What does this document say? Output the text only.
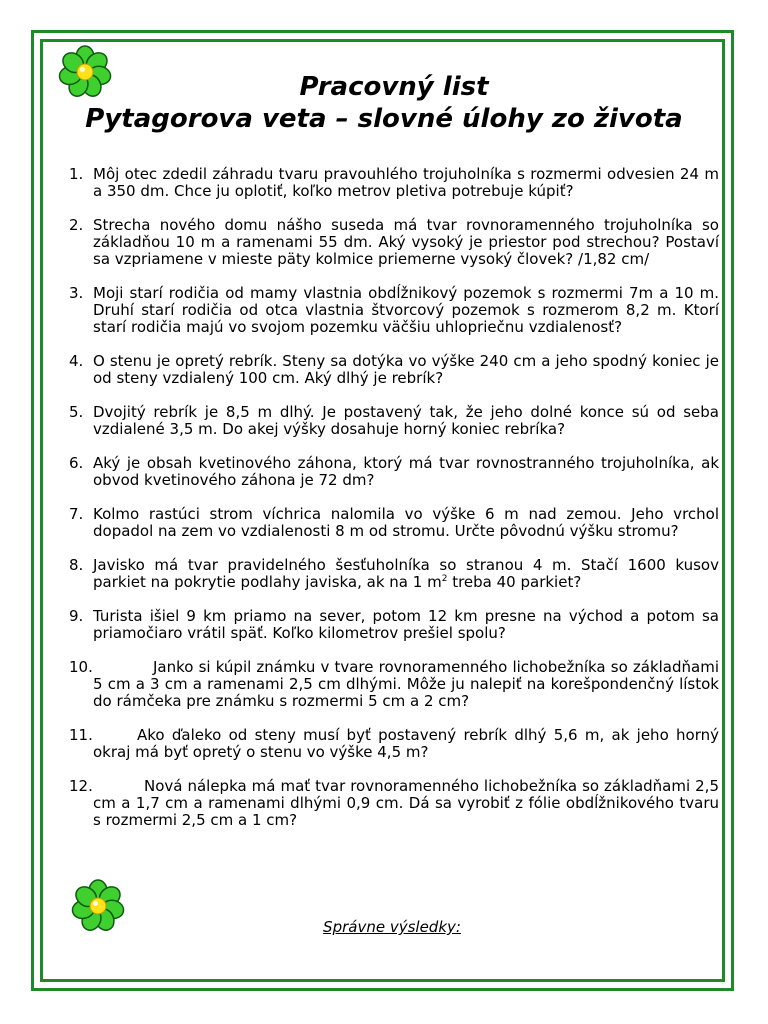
Pracovný list
Pytagorova veta – slovné úlohy zo života
1. Môj otec zdedil záhradu tvaru pravouhlého trojuholníka s rozmermi odvesien 24 m a 350 dm. Chce ju oplotiť, koľko metrov pletiva potrebuje kúpiť?
2. Strecha nového domu nášho suseda má tvar rovnoramenného trojuholníka so základňou 10 m a ramenami 55 dm. Aký vysoký je priestor pod strechou? Postaví sa vzpriamene v mieste päty kolmice priemerne vysoký človek? /1,82 cm/
3. Moji starí rodičia od mamy vlastnia obdĺžnikový pozemok s rozmermi 7m a 10 m. Druhí starí rodičia od otca vlastnia štvorcový pozemok s rozmerom 8,2 m. Ktorí starí rodičia majú vo svojom pozemku väčšiu uhlopriečnu vzdialenosť?
4. O stenu je opretý rebrík. Steny sa dotýka vo výške 240 cm a jeho spodný koniec je od steny vzdialený 100 cm. Aký dlhý je rebrík?
5. Dvojitý rebrík je 8,5 m dlhý. Je postavený tak, že jeho dolné konce sú od seba vzdialené 3,5 m. Do akej výšky dosahuje horný koniec rebríka?
6. Aký je obsah kvetinového záhona, ktorý má tvar rovnostranného trojuholníka, ak obvod kvetinového záhona je 72 dm?
7. Kolmo rastúci strom víchrica nalomila vo výške 6 m nad zemou. Jeho vrchol dopadol na zem vo vzdialenosti 8 m od stromu. Určte pôvodnú výšku stromu?
8. Javisko má tvar pravidelného šesťuholníka so stranou 4 m. Stačí 1600 kusov parkiet na pokrytie podlahy javiska, ak na 1 $m^2$ treba 40 parkiet?
9. Turista išiel 9 km priamo na sever, potom 12 km presne na východ a potom sa priamočiaro vrátil späť. Koľko kilometrov prešiel spolu?
10.	Janko si kúpil známku v tvare rovnoramenného lichobežníka so základňami 5 cm a 3 cm a ramenami 2,5 cm dlhými. Môže ju nalepiť na korešpondenčný lístok do rámčeka pre známku s rozmermi 5 cm a 2 cm?
11.	Ako ďaleko od steny musí byť postavený rebrík dlhý 5,6 m, ak jeho horný okraj má byť opretý o stenu vo výške 4,5 m?
12.	Nová nálepka má mať tvar rovnoramenného lichobežníka so základňami 2,5 cm a 1,7 cm a ramenami dlhými 0,9 cm. Dá sa vyrobiť z fólie obdĺžnikového tvaru s rozmermi 2,5 cm a 1 cm?
Správne výsledky:
